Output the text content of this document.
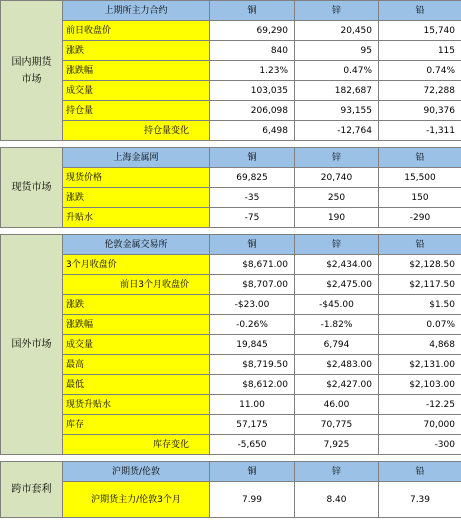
国内期货市场	上期所主力合约	铜	锌	铅
	前日收盘价	69,290	20,450	15,740
	涨跌	840	95	115
	涨跌幅	1.23%	0.47%	0.74%
	成交量	103,035	182,687	72,288
	持仓量	206,098	93,155	90,376
	持仓量变化	6,498	-12,764	-1,311

现货市场	上海金属网	铜	锌	铅
	现货价格	69,825	20,740	15,500
	涨跌	-35	250	150
	升贴水	-75	190	-290

国外市场	伦敦金属交易所	铜	锌	铅
	3个月收盘价	$8,671.00	$2,434.00	$2,128.50
	前日3个月收盘价	$8,707.00	$2,475.00	$2,117.50
	涨跌	-$23.00	-$45.00	$1.50
	涨跌幅	-0.26%	-1.82%	0.07%
	成交量	19,845	6,794	4,868
	最高	$8,719.50	$2,483.00	$2,131.00
	最低	$8,612.00	$2,427.00	$2,103.00
	现货升贴水	11.00	46.00	-12.25
	库存	57,175	70,775	70,000
	库存变化	-5,650	7,925	-300

跨市套利	沪期货/伦敦	铜	锌	铅
	沪期货主力/伦敦3个月	7.99	8.40	7.39
